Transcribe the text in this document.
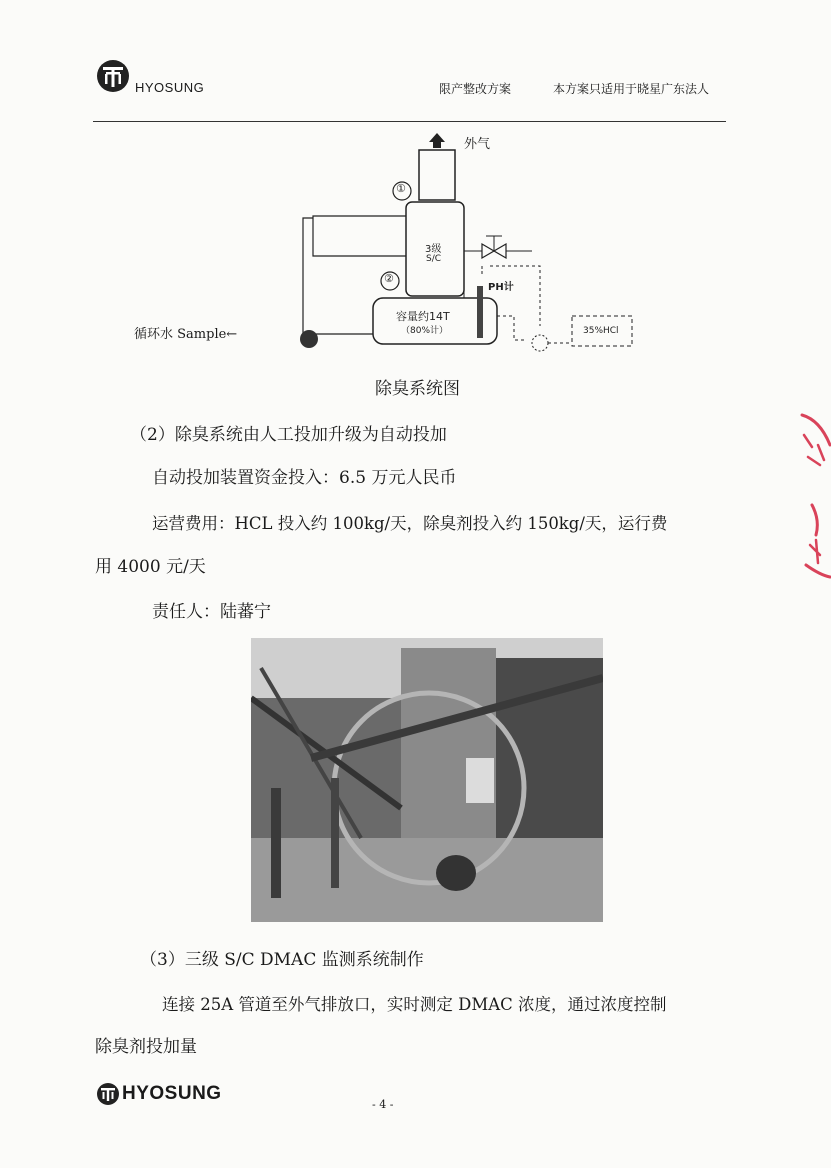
HYOSUNG	限产整改方案	本方案只适用于晓星广东法人
外气
①
②
3级
S/C
容量约14T
（80%计）
PH计
35%HCl
循环水 Sample←
除臭系统图
（2）除臭系统由人工投加升级为自动投加
自动投加装置资金投入：6.5 万元人民币
运营费用：HCL 投入约 100kg/天，除臭剂投入约 150kg/天，运行费
用 4000 元/天
责任人：陆蕃宁
（3）三级 S/C DMAC 监测系统制作
连接 25A 管道至外气排放口，实时测定 DMAC 浓度，通过浓度控制
除臭剂投加量
HYOSUNG
- 4 -
